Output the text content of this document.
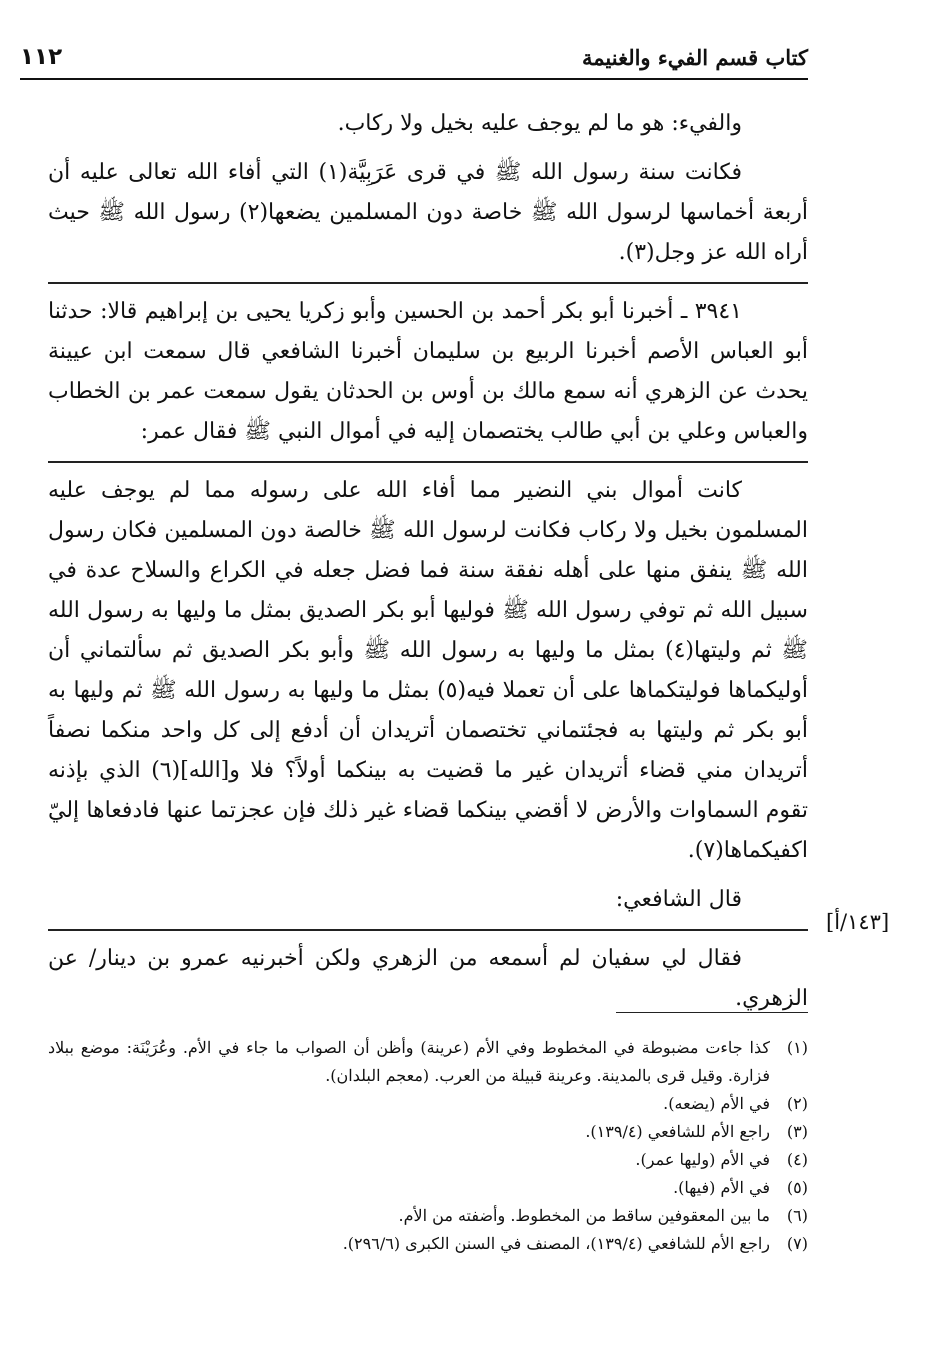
كتاب قسم الفيء والغنيمة
١١٢
[١٤٣/أ]

والفيء: هو ما لم يوجف عليه بخيل ولا ركاب.

فكانت سنة رسول الله ﷺ في قرى عَرَبِيَّة(١) التي أفاء الله تعالى عليه أن أربعة أخماسها لرسول الله ﷺ خاصة دون المسلمين يضعها(٢) رسول الله ﷺ حيث أراه الله عز وجل(٣).

٣٩٤١ ـ أخبرنا أبو بكر أحمد بن الحسين وأبو زكريا يحيى بن إبراهيم قالا: حدثنا أبو العباس الأصم أخبرنا الربيع بن سليمان أخبرنا الشافعي قال سمعت ابن عيينة يحدث عن الزهري أنه سمع مالك بن أوس بن الحدثان يقول سمعت عمر بن الخطاب والعباس وعلي بن أبي طالب يختصمان إليه في أموال النبي ﷺ فقال عمر:

كانت أموال بني النضير مما أفاء الله على رسوله مما لم يوجف عليه المسلمون بخيل ولا ركاب فكانت لرسول الله ﷺ خالصة دون المسلمين فكان رسول الله ﷺ ينفق منها على أهله نفقة سنة فما فضل جعله في الكراع والسلاح عدة في سبيل الله ثم توفي رسول الله ﷺ فوليها أبو بكر الصديق بمثل ما وليها به رسول الله ﷺ ثم وليتها(٤) بمثل ما وليها به رسول الله ﷺ وأبو بكر الصديق ثم سألتماني أن أوليكماها فوليتكماها على أن تعملا فيه(٥) بمثل ما وليها به رسول الله ﷺ ثم وليها به أبو بكر ثم وليتها به فجئتماني تختصمان أتريدان أن أدفع إلى كل واحد منكما نصفاً أتريدان مني قضاء أتريدان غير ما قضيت به بينكما أولاً؟ فلا و[الله](٦) الذي بإذنه تقوم السماوات والأرض لا أقضي بينكما قضاء غير ذلك فإن عجزتما عنها فادفعاها إليّ اكفيكماها(٧).

قال الشافعي:

فقال لي سفيان لم أسمعه من الزهري ولكن أخبرنيه عمرو بن دينار/ عن الزهري.

(١)
كذا جاءت مضبوطة في المخطوط وفي الأم (عرينة) وأظن أن الصواب ما جاء في الأم. وعُرَيْنَة: موضع ببلاد فزارة. وقيل قرى بالمدينة. وعرينة قبيلة من العرب. (معجم البلدان).
(٢)
في الأم (يضعه).
(٣)
راجع الأم للشافعي (١٣٩/٤).
(٤)
في الأم (وليها عمر).
(٥)
في الأم (فيها).
(٦)
ما بين المعقوفين ساقط من المخطوط. وأضفته من الأم.
(٧)
راجع الأم للشافعي (١٣٩/٤)، المصنف في السنن الكبرى (٢٩٦/٦).
